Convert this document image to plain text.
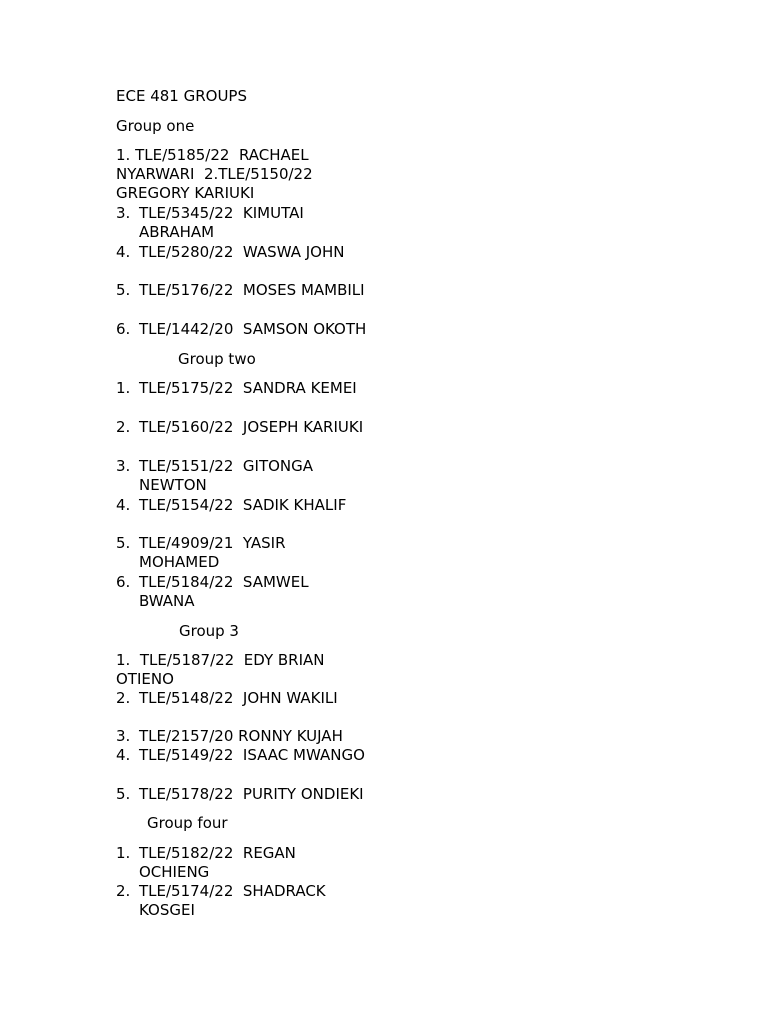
ECE 481 GROUPS
Group one
1. TLE/5185/22  RACHAEL
NYARWARI  2.TLE/5150/22
GREGORY KARIUKI
3. TLE/5345/22  KIMUTAI
ABRAHAM
4. TLE/5280/22  WASWA JOHN
5. TLE/5176/22  MOSES MAMBILI
6. TLE/1442/20  SAMSON OKOTH
Group two
1. TLE/5175/22  SANDRA KEMEI
2. TLE/5160/22  JOSEPH KARIUKI
3. TLE/5151/22  GITONGA
NEWTON
4. TLE/5154/22  SADIK KHALIF
5. TLE/4909/21  YASIR
MOHAMED
6. TLE/5184/22  SAMWEL
BWANA
Group 3
1.  TLE/5187/22  EDY BRIAN
OTIENO
2. TLE/5148/22  JOHN WAKILI
3. TLE/2157/20 RONNY KUJAH
4. TLE/5149/22  ISAAC MWANGO
5. TLE/5178/22  PURITY ONDIEKI
Group four
1. TLE/5182/22  REGAN
OCHIENG
2. TLE/5174/22  SHADRACK
KOSGEI
